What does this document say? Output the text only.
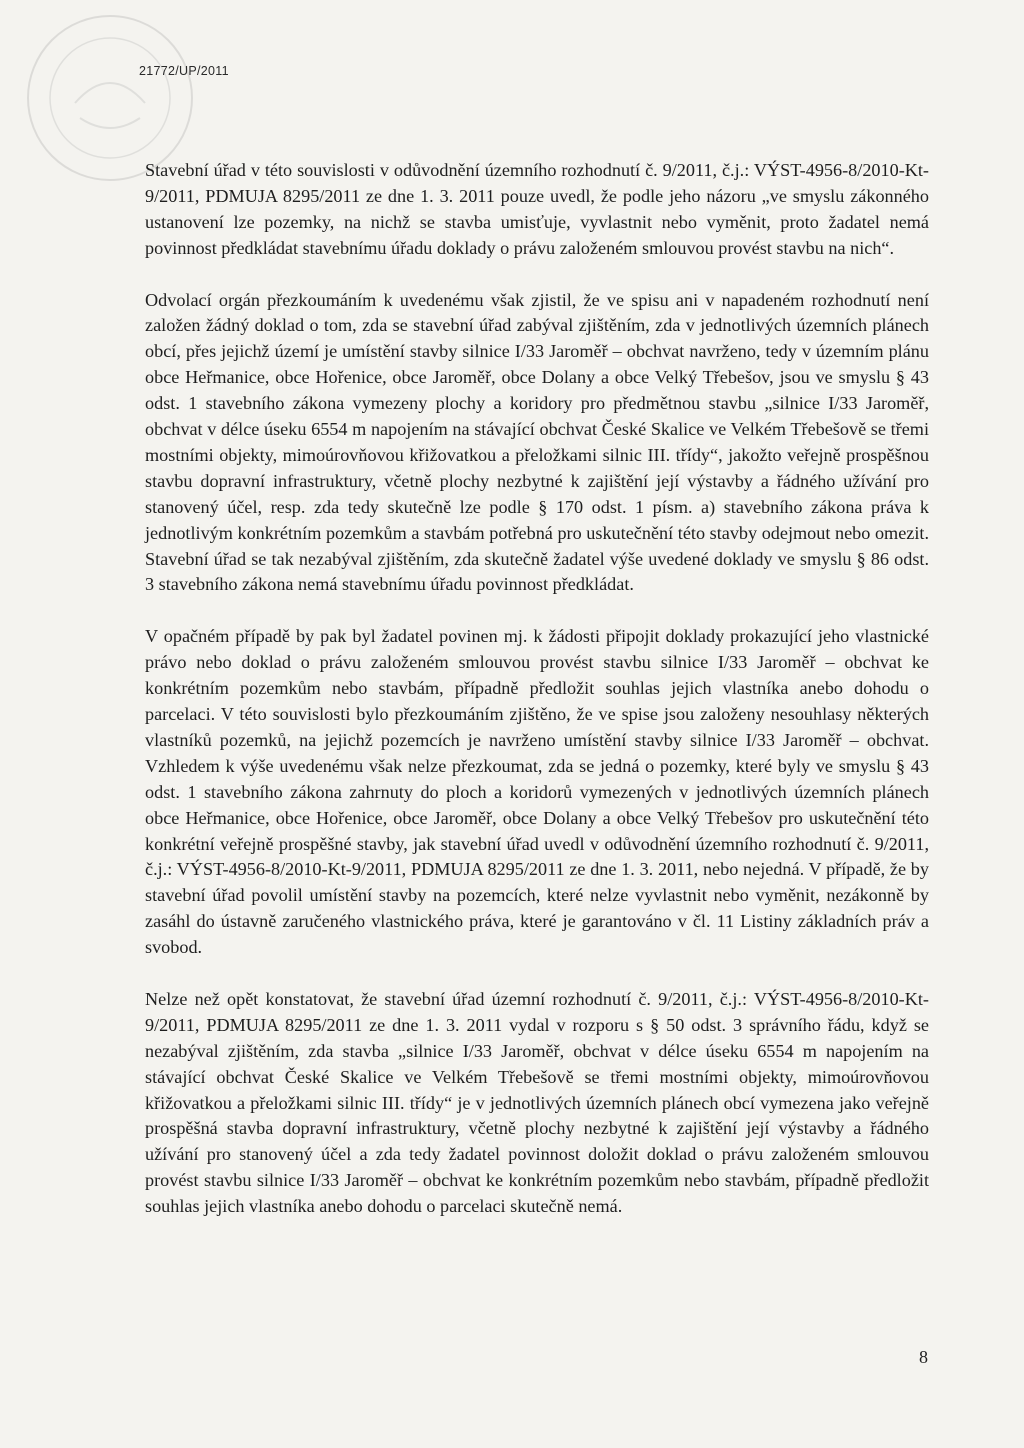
21772/UP/2011

Stavební úřad v této souvislosti v odůvodnění územního rozhodnutí č. 9/2011, č.j.: VÝST-4956-8/2010-Kt-9/2011, PDMUJA 8295/2011 ze dne 1. 3. 2011 pouze uvedl, že podle jeho názoru „ve smyslu zákonného ustanovení lze pozemky, na nichž se stavba umisťuje, vyvlastnit nebo vyměnit, proto žadatel nemá povinnost předkládat stavebnímu úřadu doklady o právu založeném smlouvou provést stavbu na nich“.

Odvolací orgán přezkoumáním k uvedenému však zjistil, že ve spisu ani v napadeném rozhodnutí není založen žádný doklad o tom, zda se stavební úřad zabýval zjištěním, zda v jednotlivých územních plánech obcí, přes jejichž území je umístění stavby silnice I/33 Jaroměř – obchvat navrženo, tedy v územním plánu obce Heřmanice, obce Hořenice, obce Jaroměř, obce Dolany a obce Velký Třebešov, jsou ve smyslu § 43 odst. 1 stavebního zákona vymezeny plochy a koridory pro předmětnou stavbu „silnice I/33 Jaroměř, obchvat v délce úseku 6554 m napojením na stávající obchvat České Skalice ve Velkém Třebešově se třemi mostními objekty, mimoúrovňovou křižovatkou a přeložkami silnic III. třídy“, jakožto veřejně prospěšnou stavbu dopravní infrastruktury, včetně plochy nezbytné k zajištění její výstavby a řádného užívání pro stanovený účel, resp. zda tedy skutečně lze podle § 170 odst. 1 písm. a) stavebního zákona práva k jednotlivým konkrétním pozemkům a stavbám potřebná pro uskutečnění této stavby odejmout nebo omezit. Stavební úřad se tak nezabýval zjištěním, zda skutečně žadatel výše uvedené doklady ve smyslu § 86 odst. 3 stavebního zákona nemá stavebnímu úřadu povinnost předkládat.

V opačném případě by pak byl žadatel povinen mj. k žádosti připojit doklady prokazující jeho vlastnické právo nebo doklad o právu založeném smlouvou provést stavbu silnice I/33 Jaroměř – obchvat ke konkrétním pozemkům nebo stavbám, případně předložit souhlas jejich vlastníka anebo dohodu o parcelaci. V této souvislosti bylo přezkoumáním zjištěno, že ve spise jsou založeny nesouhlasy některých vlastníků pozemků, na jejichž pozemcích je navrženo umístění stavby silnice I/33 Jaroměř – obchvat. Vzhledem k výše uvedenému však nelze přezkoumat, zda se jedná o pozemky, které byly ve smyslu § 43 odst. 1 stavebního zákona zahrnuty do ploch a koridorů vymezených v jednotlivých územních plánech obce Heřmanice, obce Hořenice, obce Jaroměř, obce Dolany a obce Velký Třebešov pro uskutečnění této konkrétní veřejně prospěšné stavby, jak stavební úřad uvedl v odůvodnění územního rozhodnutí č. 9/2011, č.j.: VÝST-4956-8/2010-Kt-9/2011, PDMUJA 8295/2011 ze dne 1. 3. 2011, nebo nejedná. V případě, že by stavební úřad povolil umístění stavby na pozemcích, které nelze vyvlastnit nebo vyměnit, nezákonně by zasáhl do ústavně zaručeného vlastnického práva, které je garantováno v čl. 11 Listiny základních práv a svobod.

Nelze než opět konstatovat, že stavební úřad územní rozhodnutí č. 9/2011, č.j.: VÝST-4956-8/2010-Kt-9/2011, PDMUJA 8295/2011 ze dne 1. 3. 2011 vydal v rozporu s § 50 odst. 3 správního řádu, když se nezabýval zjištěním, zda stavba „silnice I/33 Jaroměř, obchvat v délce úseku 6554 m napojením na stávající obchvat České Skalice ve Velkém Třebešově se třemi mostními objekty, mimoúrovňovou křižovatkou a přeložkami silnic III. třídy“ je v jednotlivých územních plánech obcí vymezena jako veřejně prospěšná stavba dopravní infrastruktury, včetně plochy nezbytné k zajištění její výstavby a řádného užívání pro stanovený účel a zda tedy žadatel povinnost doložit doklad o právu založeném smlouvou provést stavbu silnice I/33 Jaroměř – obchvat ke konkrétním pozemkům nebo stavbám, případně předložit souhlas jejich vlastníka anebo dohodu o parcelaci skutečně nemá.

8
